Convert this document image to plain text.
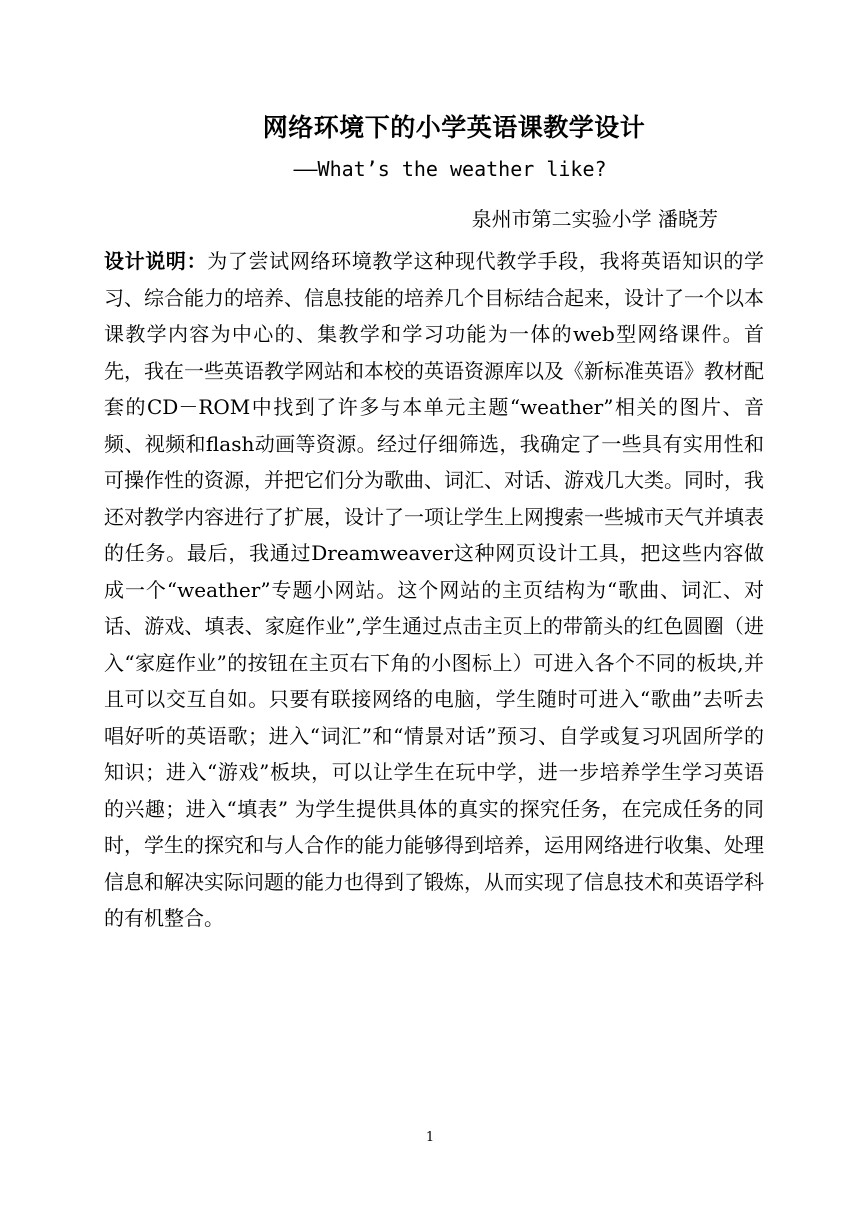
网络环境下的小学英语课教学设计
——What’s the weather like?
泉州市第二实验小学 潘晓芳

设计说明：为了尝试网络环境教学这种现代教学手段，我将英语知识的学习、综合能力的培养、信息技能的培养几个目标结合起来，设计了一个以本课教学内容为中心的、集教学和学习功能为一体的web型网络课件。首先，我在一些英语教学网站和本校的英语资源库以及《新标准英语》教材配套的CD－ROM中找到了许多与本单元主题“weather”相关的图片、音频、视频和flash动画等资源。经过仔细筛选，我确定了一些具有实用性和可操作性的资源，并把它们分为歌曲、词汇、对话、游戏几大类。同时，我还对教学内容进行了扩展，设计了一项让学生上网搜索一些城市天气并填表的任务。最后，我通过Dreamweaver这种网页设计工具，把这些内容做成一个“weather”专题小网站。这个网站的主页结构为“歌曲、词汇、对话、游戏、填表、家庭作业”,学生通过点击主页上的带箭头的红色圆圈（进入“家庭作业”的按钮在主页右下角的小图标上）可进入各个不同的板块,并且可以交互自如。只要有联接网络的电脑，学生随时可进入“歌曲”去听去唱好听的英语歌；进入“词汇”和“情景对话”预习、自学或复习巩固所学的知识；进入“游戏”板块，可以让学生在玩中学，进一步培养学生学习英语的兴趣；进入“填表” 为学生提供具体的真实的探究任务，在完成任务的同时，学生的探究和与人合作的能力能够得到培养，运用网络进行收集、处理信息和解决实际问题的能力也得到了锻炼，从而实现了信息技术和英语学科的有机整合。

1
